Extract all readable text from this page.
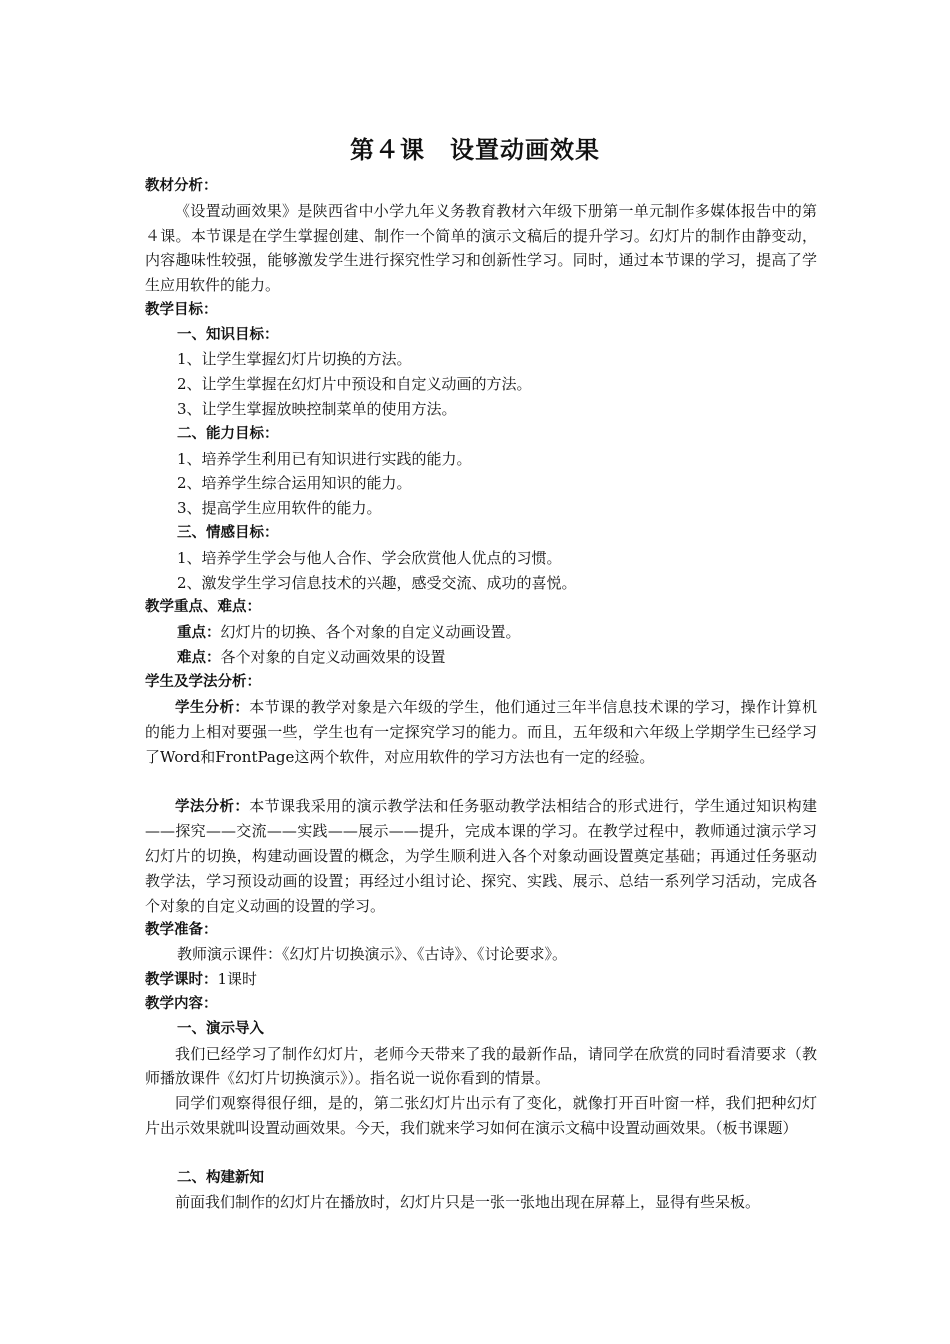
第４课　设置动画效果
教材分析：
《设置动画效果》是陕西省中小学九年义务教育教材六年级下册第一单元制作多媒体报告中的第４课。本节课是在学生掌握创建、制作一个简单的演示文稿后的提升学习。幻灯片的制作由静变动，内容趣味性较强，能够激发学生进行探究性学习和创新性学习。同时，通过本节课的学习，提高了学生应用软件的能力。
教学目标：
一、知识目标：
1、让学生掌握幻灯片切换的方法。
2、让学生掌握在幻灯片中预设和自定义动画的方法。
3、让学生掌握放映控制菜单的使用方法。
二、能力目标：
1、培养学生利用已有知识进行实践的能力。
2、培养学生综合运用知识的能力。
3、提高学生应用软件的能力。
三、情感目标：
1、培养学生学会与他人合作、学会欣赏他人优点的习惯。
2、激发学生学习信息技术的兴趣，感受交流、成功的喜悦。
教学重点、难点：
重点：幻灯片的切换、各个对象的自定义动画设置。
难点：各个对象的自定义动画效果的设置
学生及学法分析：
学生分析：本节课的教学对象是六年级的学生，他们通过三年半信息技术课的学习，操作计算机的能力上相对要强一些，学生也有一定探究学习的能力。而且，五年级和六年级上学期学生已经学习了Word和FrontPage这两个软件，对应用软件的学习方法也有一定的经验。
学法分析：本节课我采用的演示教学法和任务驱动教学法相结合的形式进行，学生通过知识构建——探究——交流——实践——展示——提升，完成本课的学习。在教学过程中，教师通过演示学习幻灯片的切换，构建动画设置的概念，为学生顺利进入各个对象动画设置奠定基础；再通过任务驱动教学法，学习预设动画的设置；再经过小组讨论、探究、实践、展示、总结一系列学习活动，完成各个对象的自定义动画的设置的学习。
教学准备：
教师演示课件：《幻灯片切换演示》、《古诗》、《讨论要求》。
教学课时：1课时
教学内容：
一、演示导入
我们已经学习了制作幻灯片，老师今天带来了我的最新作品，请同学在欣赏的同时看清要求（教师播放课件《幻灯片切换演示》）。指名说一说你看到的情景。
同学们观察得很仔细，是的，第二张幻灯片出示有了变化，就像打开百叶窗一样，我们把种幻灯片出示效果就叫设置动画效果。今天，我们就来学习如何在演示文稿中设置动画效果。（板书课题）
二、构建新知
前面我们制作的幻灯片在播放时，幻灯片只是一张一张地出现在屏幕上，显得有些呆板。
